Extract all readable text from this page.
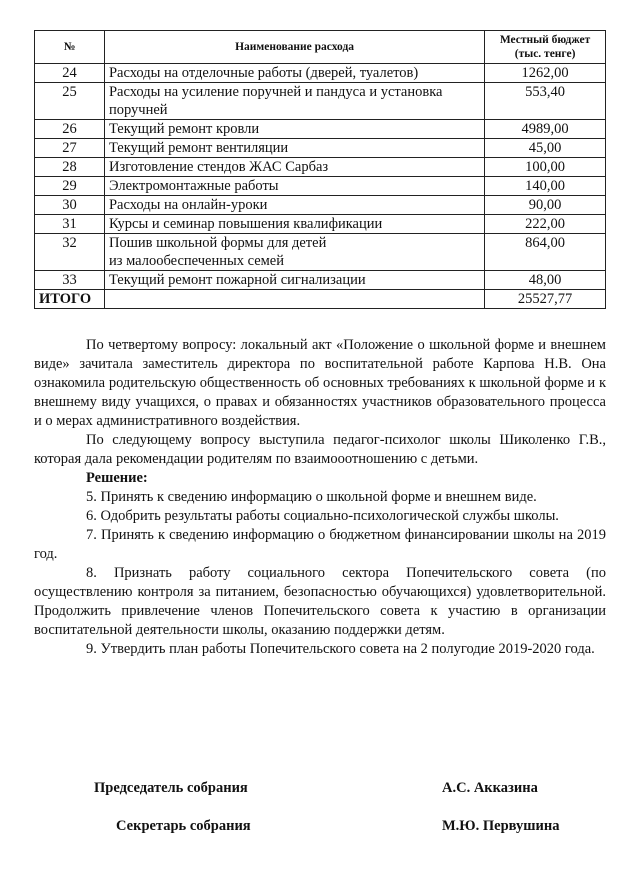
№	Наименование расхода	Местный бюджет
(тыс. тенге)
24	Расходы на отделочные работы (дверей, туалетов)	1262,00
25	Расходы на усиление поручней и пандуса и установка поручней	553,40
26	Текущий ремонт кровли	4989,00
27	Текущий ремонт вентиляции	45,00
28	Изготовление стендов ЖАС Сарбаз	100,00
29	Электромонтажные работы	140,00
30	Расходы на онлайн-уроки	90,00
31	Курсы и семинар повышения квалификации	222,00
32	Пошив школьной формы для детей
из малообеспеченных семей	864,00
33	Текущий ремонт пожарной сигнализации	48,00
ИТОГО		25527,77

По четвертому вопросу: локальный акт «Положение о школьной форме и внешнем виде» зачитала заместитель директора по воспитательной работе Карпова Н.В. Она ознакомила родительскую общественность об основных требованиях к школьной форме и к внешнему виду учащихся, о правах и обязанностях участников образовательного процесса и о мерах административного воздействия.

По следующему вопросу выступила педагог-психолог школы Шиколенко Г.В., которая дала рекомендации родителям по взаимооотношению с детьми.

Решение:

5. Принять к сведению информацию о школьной форме и внешнем виде.

6. Одобрить результаты работы социально-психологической службы школы.

7. Принять к сведению информацию о бюджетном финансировании школы на 2019 год.

8. Признать работу социального сектора Попечительского совета (по осуществлению контроля за питанием, безопасностью обучающихся) удовлетворительной. Продолжить привлечение членов Попечительского совета к участию в организации воспитательной деятельности школы, оказанию поддержки детям.

9. Утвердить план работы Попечительского совета на 2 полугодие 2019-2020 года.

Председатель собрания	А.С. Акказина
Секретарь собрания	М.Ю. Первушина
